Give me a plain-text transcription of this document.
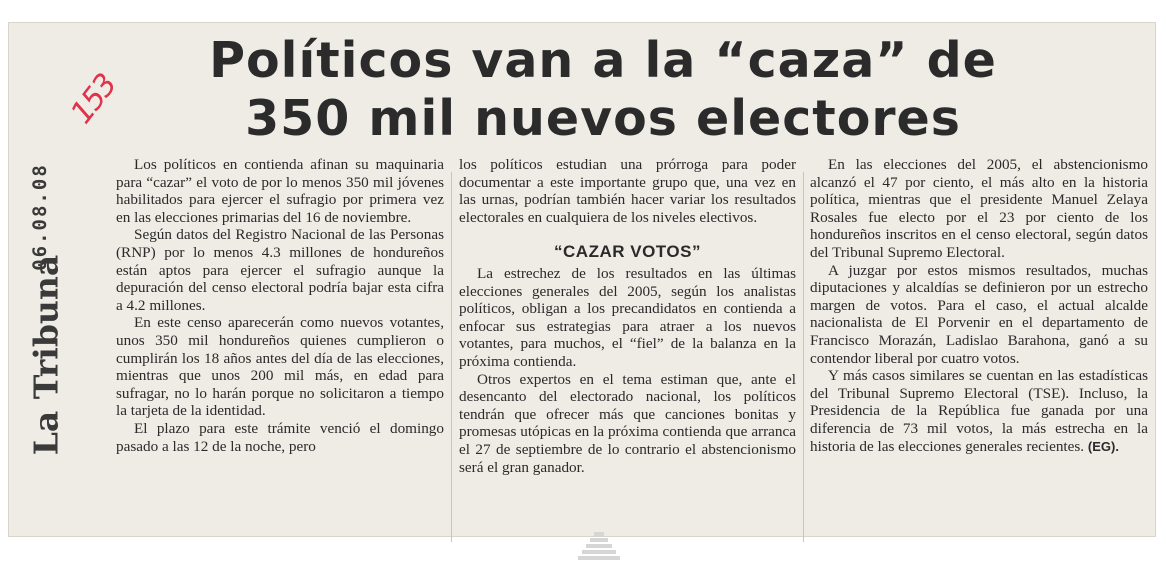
Políticos van a la “caza” de
350 mil nuevos electores
153
La Tribuna
06.08.08	Los políticos en contienda afinan su maquinaria para “cazar” el voto de por lo menos 350 mil jóvenes habilitados para ejercer el sufragio por primera vez en las elecciones primarias del 16 de noviembre.

Según datos del Registro Nacional de las Personas (RNP) por lo menos 4.3 millones de hondureños están aptos para ejercer el sufragio aunque la depuración del censo electoral podría bajar esta cifra a 4.2 millones.

En este censo aparecerán como nuevos votantes, unos 350 mil hondureños quienes cumplieron o cumplirán los 18 años antes del día de las elecciones, mientras que unos 200 mil más, en edad para sufragar, no lo harán porque no solicitaron a tiempo la tarjeta de la identidad.

El plazo para este trámite venció el domingo pasado a las 12 de la noche, pero

los políticos estudian una prórroga para poder documentar a este importante grupo que, una vez en las urnas, podrían también hacer variar los resultados electorales en cualquiera de los niveles electivos.

“CAZAR VOTOS”

La estrechez de los resultados en las últimas elecciones generales del 2005, según los analistas políticos, obligan a los precandidatos en contienda a enfocar sus estrategias para atraer a los nuevos votantes, para muchos, el “fiel” de la balanza en la próxima contienda.

Otros expertos en el tema estiman que, ante el desencanto del electorado nacional, los políticos tendrán que ofrecer más que canciones bonitas y promesas utópicas en la próxima contienda que arranca el 27 de septiembre de lo contrario el abstencionismo será el gran ganador.

En las elecciones del 2005, el abstencionismo alcanzó el 47 por ciento, el más alto en la historia política, mientras que el presidente Manuel Zelaya Rosales fue electo por el 23 por ciento de los hondureños inscritos en el censo electoral, según datos del Tribunal Supremo Electoral.

A juzgar por estos mismos resultados, muchas diputaciones y alcaldías se definieron por un estrecho margen de votos. Para el caso, el actual alcalde nacionalista de El Porvenir en el departamento de Francisco Morazán, Ladislao Barahona, ganó a su contendor liberal por cuatro votos.

Y más casos similares se cuentan en las estadísticas del Tribunal Supremo Electoral (TSE). Incluso, la Presidencia de la República fue ganada por una diferencia de 73 mil votos, la más estrecha en la historia de las elecciones generales recientes. (EG).
